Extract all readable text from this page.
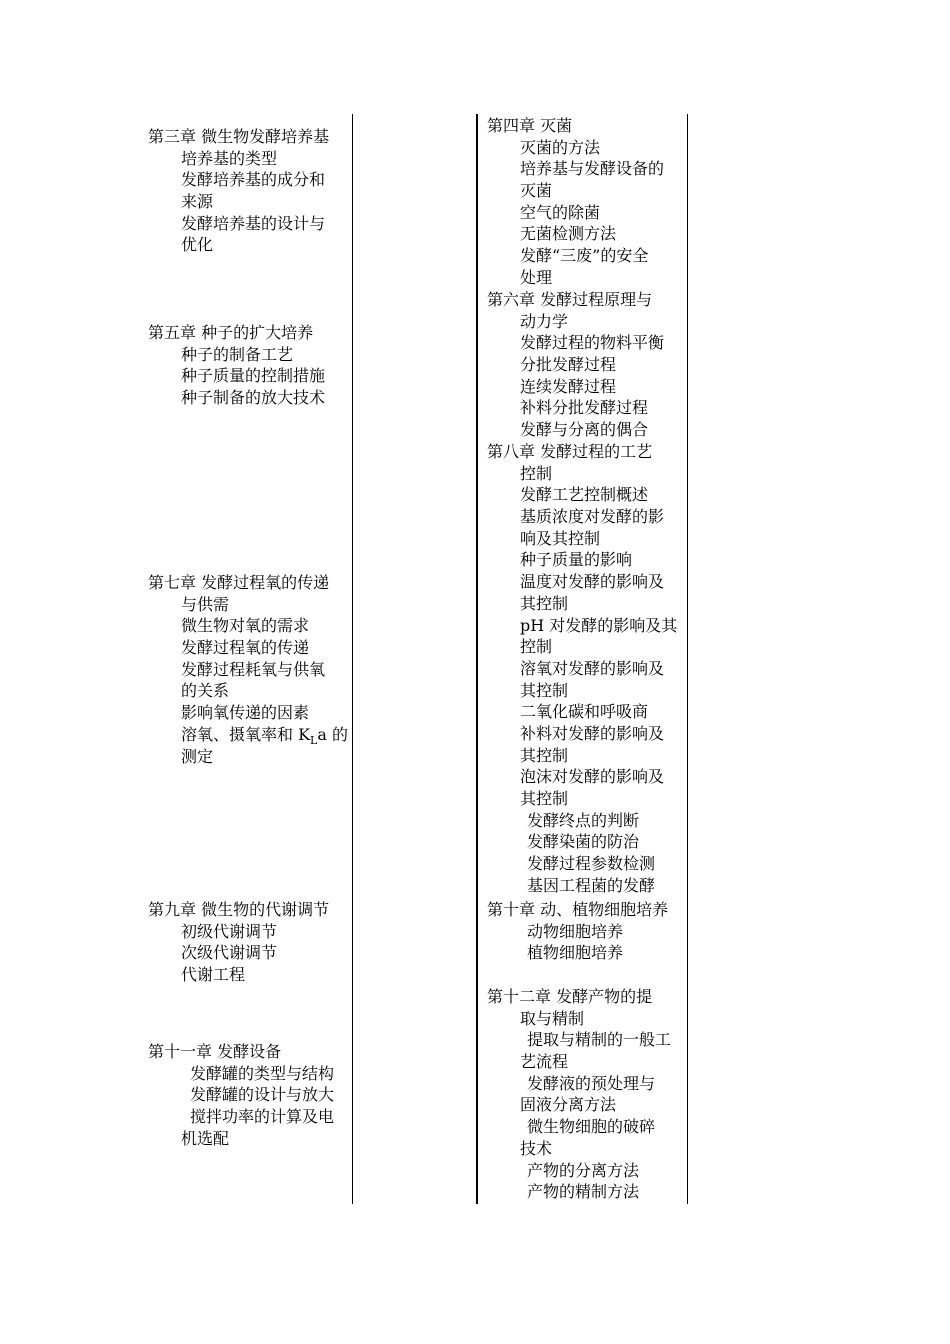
第三章 微生物发酵培养基
培养基的类型
发酵培养基的成分和
来源
发酵培养基的设计与
优化
第五章 种子的扩大培养
种子的制备工艺
种子质量的控制措施
种子制备的放大技术
第七章 发酵过程氧的传递
与供需
微生物对氧的需求
发酵过程氧的传递
发酵过程耗氧与供氧
的关系
影响氧传递的因素
溶氧、摄氧率和 $K_La$ 的
测定
第九章 微生物的代谢调节
初级代谢调节
次级代谢调节
代谢工程
第十一章 发酵设备
发酵罐的类型与结构
发酵罐的设计与放大
搅拌功率的计算及电
机选配
第四章 灭菌
灭菌的方法
培养基与发酵设备的
灭菌
空气的除菌
无菌检测方法
发酵“三废”的安全
处理
第六章 发酵过程原理与
动力学
发酵过程的物料平衡
分批发酵过程
连续发酵过程
补料分批发酵过程
发酵与分离的偶合
第八章 发酵过程的工艺
控制
发酵工艺控制概述
基质浓度对发酵的影
响及其控制
种子质量的影响
温度对发酵的影响及
其控制
pH 对发酵的影响及其
控制
溶氧对发酵的影响及
其控制
二氧化碳和呼吸商
补料对发酵的影响及
其控制
泡沫对发酵的影响及
其控制
发酵终点的判断
发酵染菌的防治
发酵过程参数检测
基因工程菌的发酵
第十章 动、植物细胞培养
动物细胞培养
植物细胞培养
第十二章 发酵产物的提
取与精制
提取与精制的一般工
艺流程
发酵液的预处理与
固液分离方法
微生物细胞的破碎
技术
产物的分离方法
产物的精制方法
